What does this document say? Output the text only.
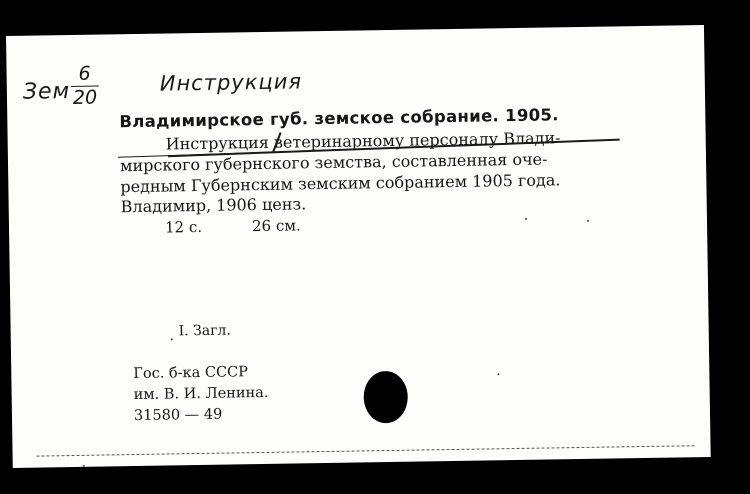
Зем $\frac{6}{20}$	Инструкция
Владимирское губ. земское собрание. 1905.

Инструкция ветеринарному персоналу Влади-

мирского губернского земства, составленная оче-

редным Губернским земским собранием 1905 года.

Владимир, 1906 ценз.
12 с.	26 см.
I. Загл.
Гос. б-ка СССР
им. В. И. Ленина.
31580 — 49
